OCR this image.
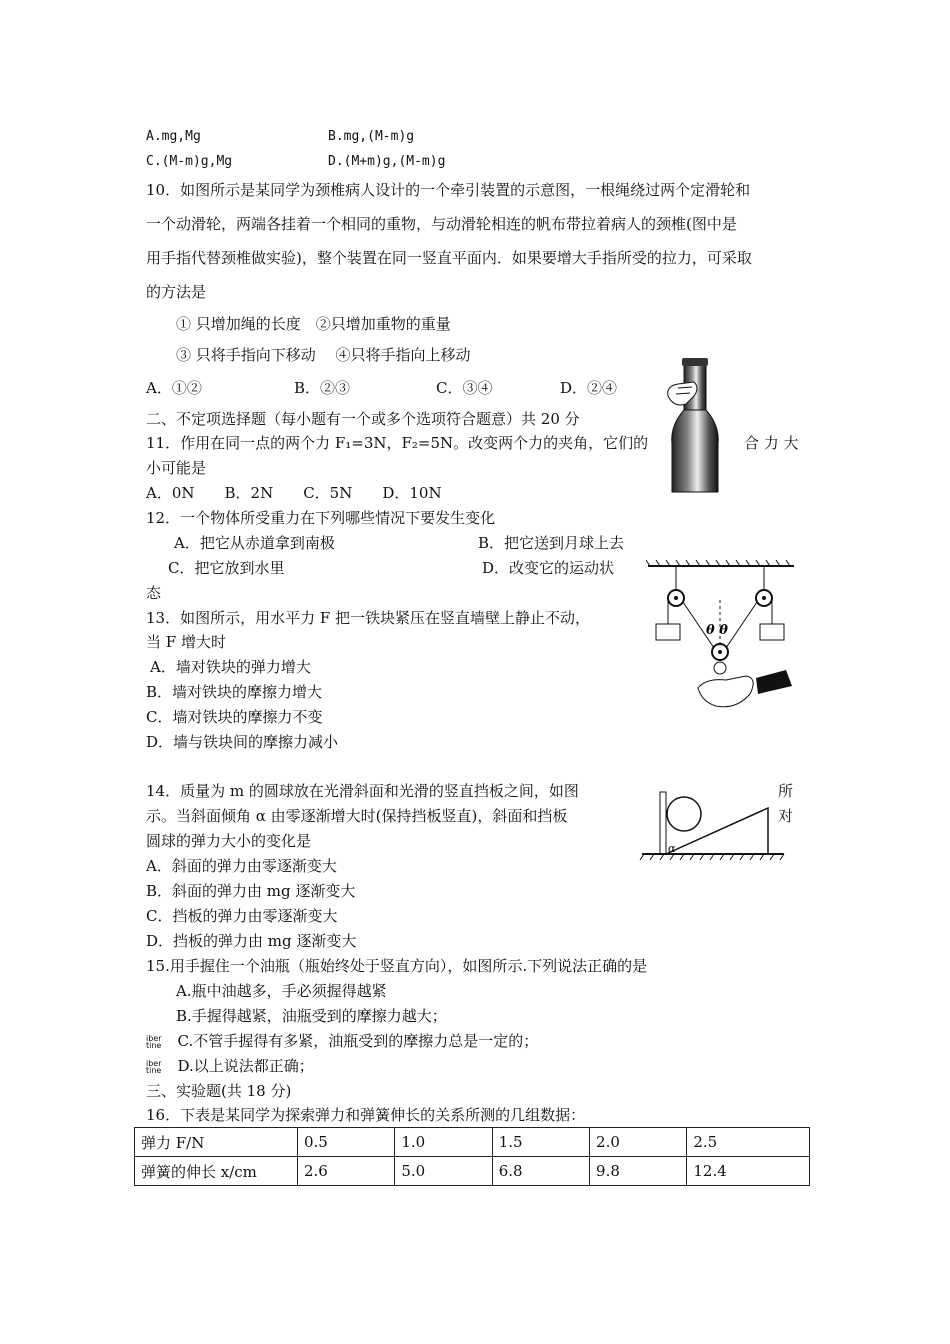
A.mg,Mg	B.mg,(M-m)g
C.(M-m)g,Mg	D.(M+m)g,(M-m)g
10．如图所示是某同学为颈椎病人设计的一个牵引装置的示意图，一根绳绕过两个定滑轮和
一个动滑轮，两端各挂着一个相同的重物，与动滑轮相连的帆布带拉着病人的颈椎(图中是
用手指代替颈椎做实验)，整个装置在同一竖直平面内．如果要增大手指所受的拉力，可采取
的方法是
① 只增加绳的长度　②只增加重物的重量
③ 只将手指向下移动　 ④只将手指向上移动
A．①②	B．②③	C．③④	D．②④
二、不定项选择题（每小题有一个或多个选项符合题意）共 20 分
11．作用在同一点的两个力 F₁=3N，F₂=5N。改变两个力的夹角，它们的	合 力 大
小可能是
A．0N　　B．2N　　C．5N　　D．10N
12．一个物体所受重力在下列哪些情况下要发生变化
A．把它从赤道拿到南极	B．把它送到月球上去
C．把它放到水里	D．改变它的运动状
态
13．如图所示，用水平力 F 把一铁块紧压在竖直墙壁上静止不动，
当 F 增大时
A．墙对铁块的弹力增大
B．墙对铁块的摩擦力增大
C．墙对铁块的摩擦力不变
D．墙与铁块间的摩擦力减小
14．质量为 m 的圆球放在光滑斜面和光滑的竖直挡板之间，如图	所
示。当斜面倾角 α 由零逐渐增大时(保持挡板竖直)，斜面和挡板	对
圆球的弹力大小的变化是
A．斜面的弹力由零逐渐变大
B．斜面的弹力由 mg 逐渐变大
C．挡板的弹力由零逐渐变大
D．挡板的弹力由 mg 逐渐变大
15.用手握住一个油瓶（瓶始终处于竖直方向），如图所示.下列说法正确的是
A.瓶中油越多，手必须握得越紧
B.手握得越紧，油瓶受到的摩擦力越大；
iber
tine C.不管手握得有多紧，油瓶受到的摩擦力总是一定的；
iber
tine D.以上说法都正确；
三、实验题(共 18 分)
16．下表是某同学为探索弹力和弹簧伸长的关系所测的几组数据：
弹力 F/N	0.5	1.0	1.5	2.0	2.5
弹簧的伸长 x/cm	2.6	5.0	6.8	9.8	12.4
θ θ
α
